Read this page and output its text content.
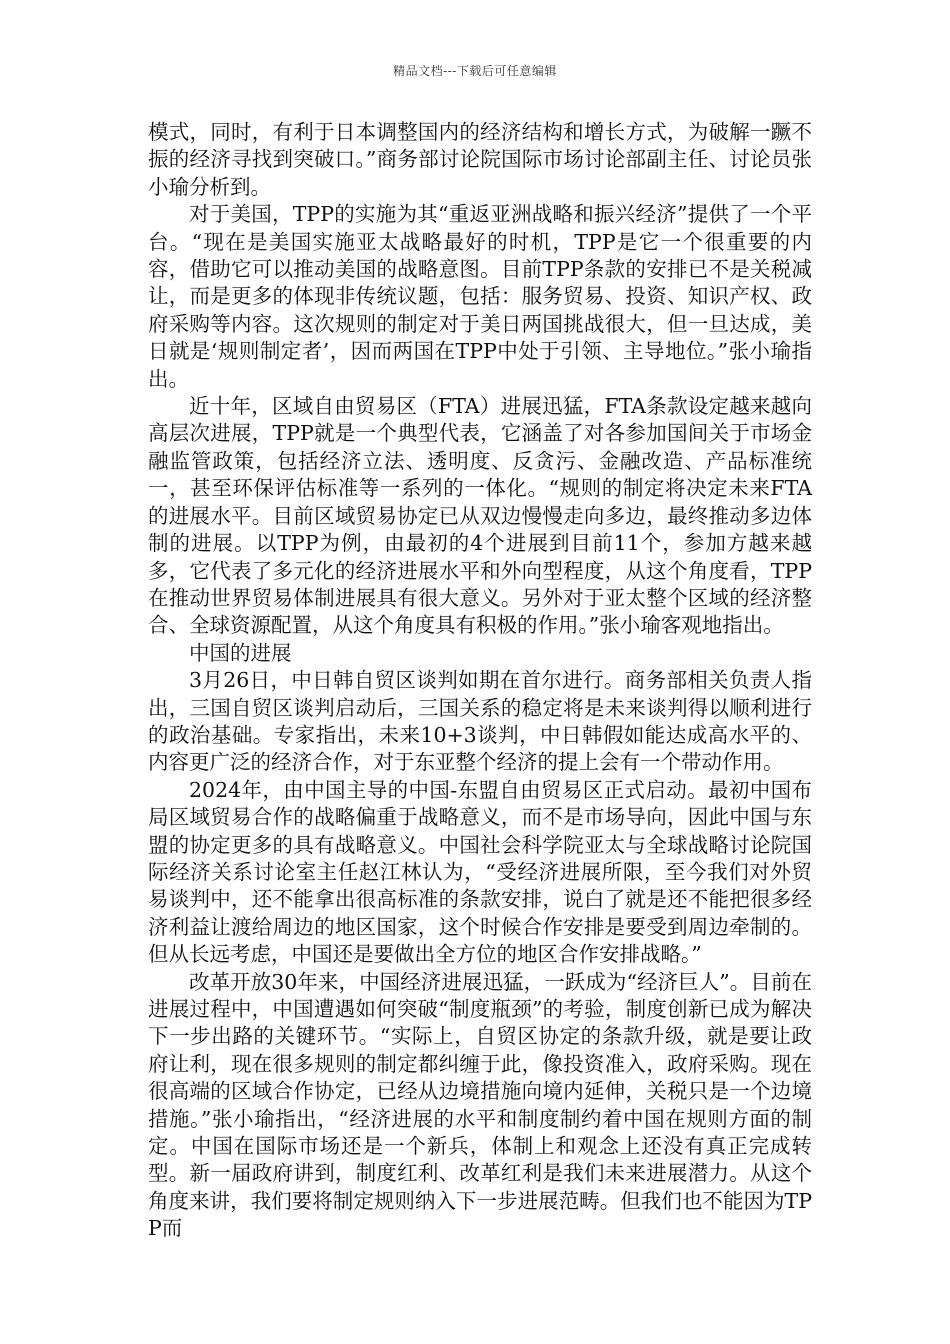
精品文档---下载后可任意编辑

模式，同时，有利于日本调整国内的经济结构和增长方式，为破解一蹶不振的经济寻找到突破口。”商务部讨论院国际市场讨论部副主任、讨论员张小瑜分析到。

对于美国，TPP的实施为其“重返亚洲战略和振兴经济”提供了一个平台。“现在是美国实施亚太战略最好的时机，TPP是它一个很重要的内容，借助它可以推动美国的战略意图。目前TPP条款的安排已不是关税减让，而是更多的体现非传统议题，包括：服务贸易、投资、知识产权、政府采购等内容。这次规则的制定对于美日两国挑战很大，但一旦达成，美日就是‘规则制定者’，因而两国在TPP中处于引领、主导地位。”张小瑜指出。

近十年，区域自由贸易区（FTA）进展迅猛，FTA条款设定越来越向高层次进展，TPP就是一个典型代表，它涵盖了对各参加国间关于市场金融监管政策，包括经济立法、透明度、反贪污、金融改造、产品标准统一，甚至环保评估标准等一系列的一体化。“规则的制定将决定未来FTA的进展水平。目前区域贸易协定已从双边慢慢走向多边，最终推动多边体制的进展。以TPP为例，由最初的4个进展到目前11个，参加方越来越多，它代表了多元化的经济进展水平和外向型程度，从这个角度看，TPP在推动世界贸易体制进展具有很大意义。另外对于亚太整个区域的经济整合、全球资源配置，从这个角度具有积极的作用。”张小瑜客观地指出。

中国的进展

3月26日，中日韩自贸区谈判如期在首尔进行。商务部相关负责人指出，三国自贸区谈判启动后，三国关系的稳定将是未来谈判得以顺利进行的政治基础。专家指出，未来10+3谈判，中日韩假如能达成高水平的、内容更广泛的经济合作，对于东亚整个经济的提上会有一个带动作用。

2024年，由中国主导的中国-东盟自由贸易区正式启动。最初中国布局区域贸易合作的战略偏重于战略意义，而不是市场导向，因此中国与东盟的协定更多的具有战略意义。中国社会科学院亚太与全球战略讨论院国际经济关系讨论室主任赵江林认为，“受经济进展所限，至今我们对外贸易谈判中，还不能拿出很高标准的条款安排，说白了就是还不能把很多经济利益让渡给周边的地区国家，这个时候合作安排是要受到周边牵制的。但从长远考虑，中国还是要做出全方位的地区合作安排战略。”

改革开放30年来，中国经济进展迅猛，一跃成为“经济巨人”。目前在进展过程中，中国遭遇如何突破“制度瓶颈”的考验，制度创新已成为解决下一步出路的关键环节。“实际上，自贸区协定的条款升级，就是要让政府让利，现在很多规则的制定都纠缠于此，像投资准入，政府采购。现在很高端的区域合作协定，已经从边境措施向境内延伸，关税只是一个边境措施。”张小瑜指出，“经济进展的水平和制度制约着中国在规则方面的制定。中国在国际市场还是一个新兵，体制上和观念上还没有真正完成转型。新一届政府讲到，制度红利、改革红利是我们未来进展潜力。从这个角度来讲，我们要将制定规则纳入下一步进展范畴。但我们也不能因为TPP而
